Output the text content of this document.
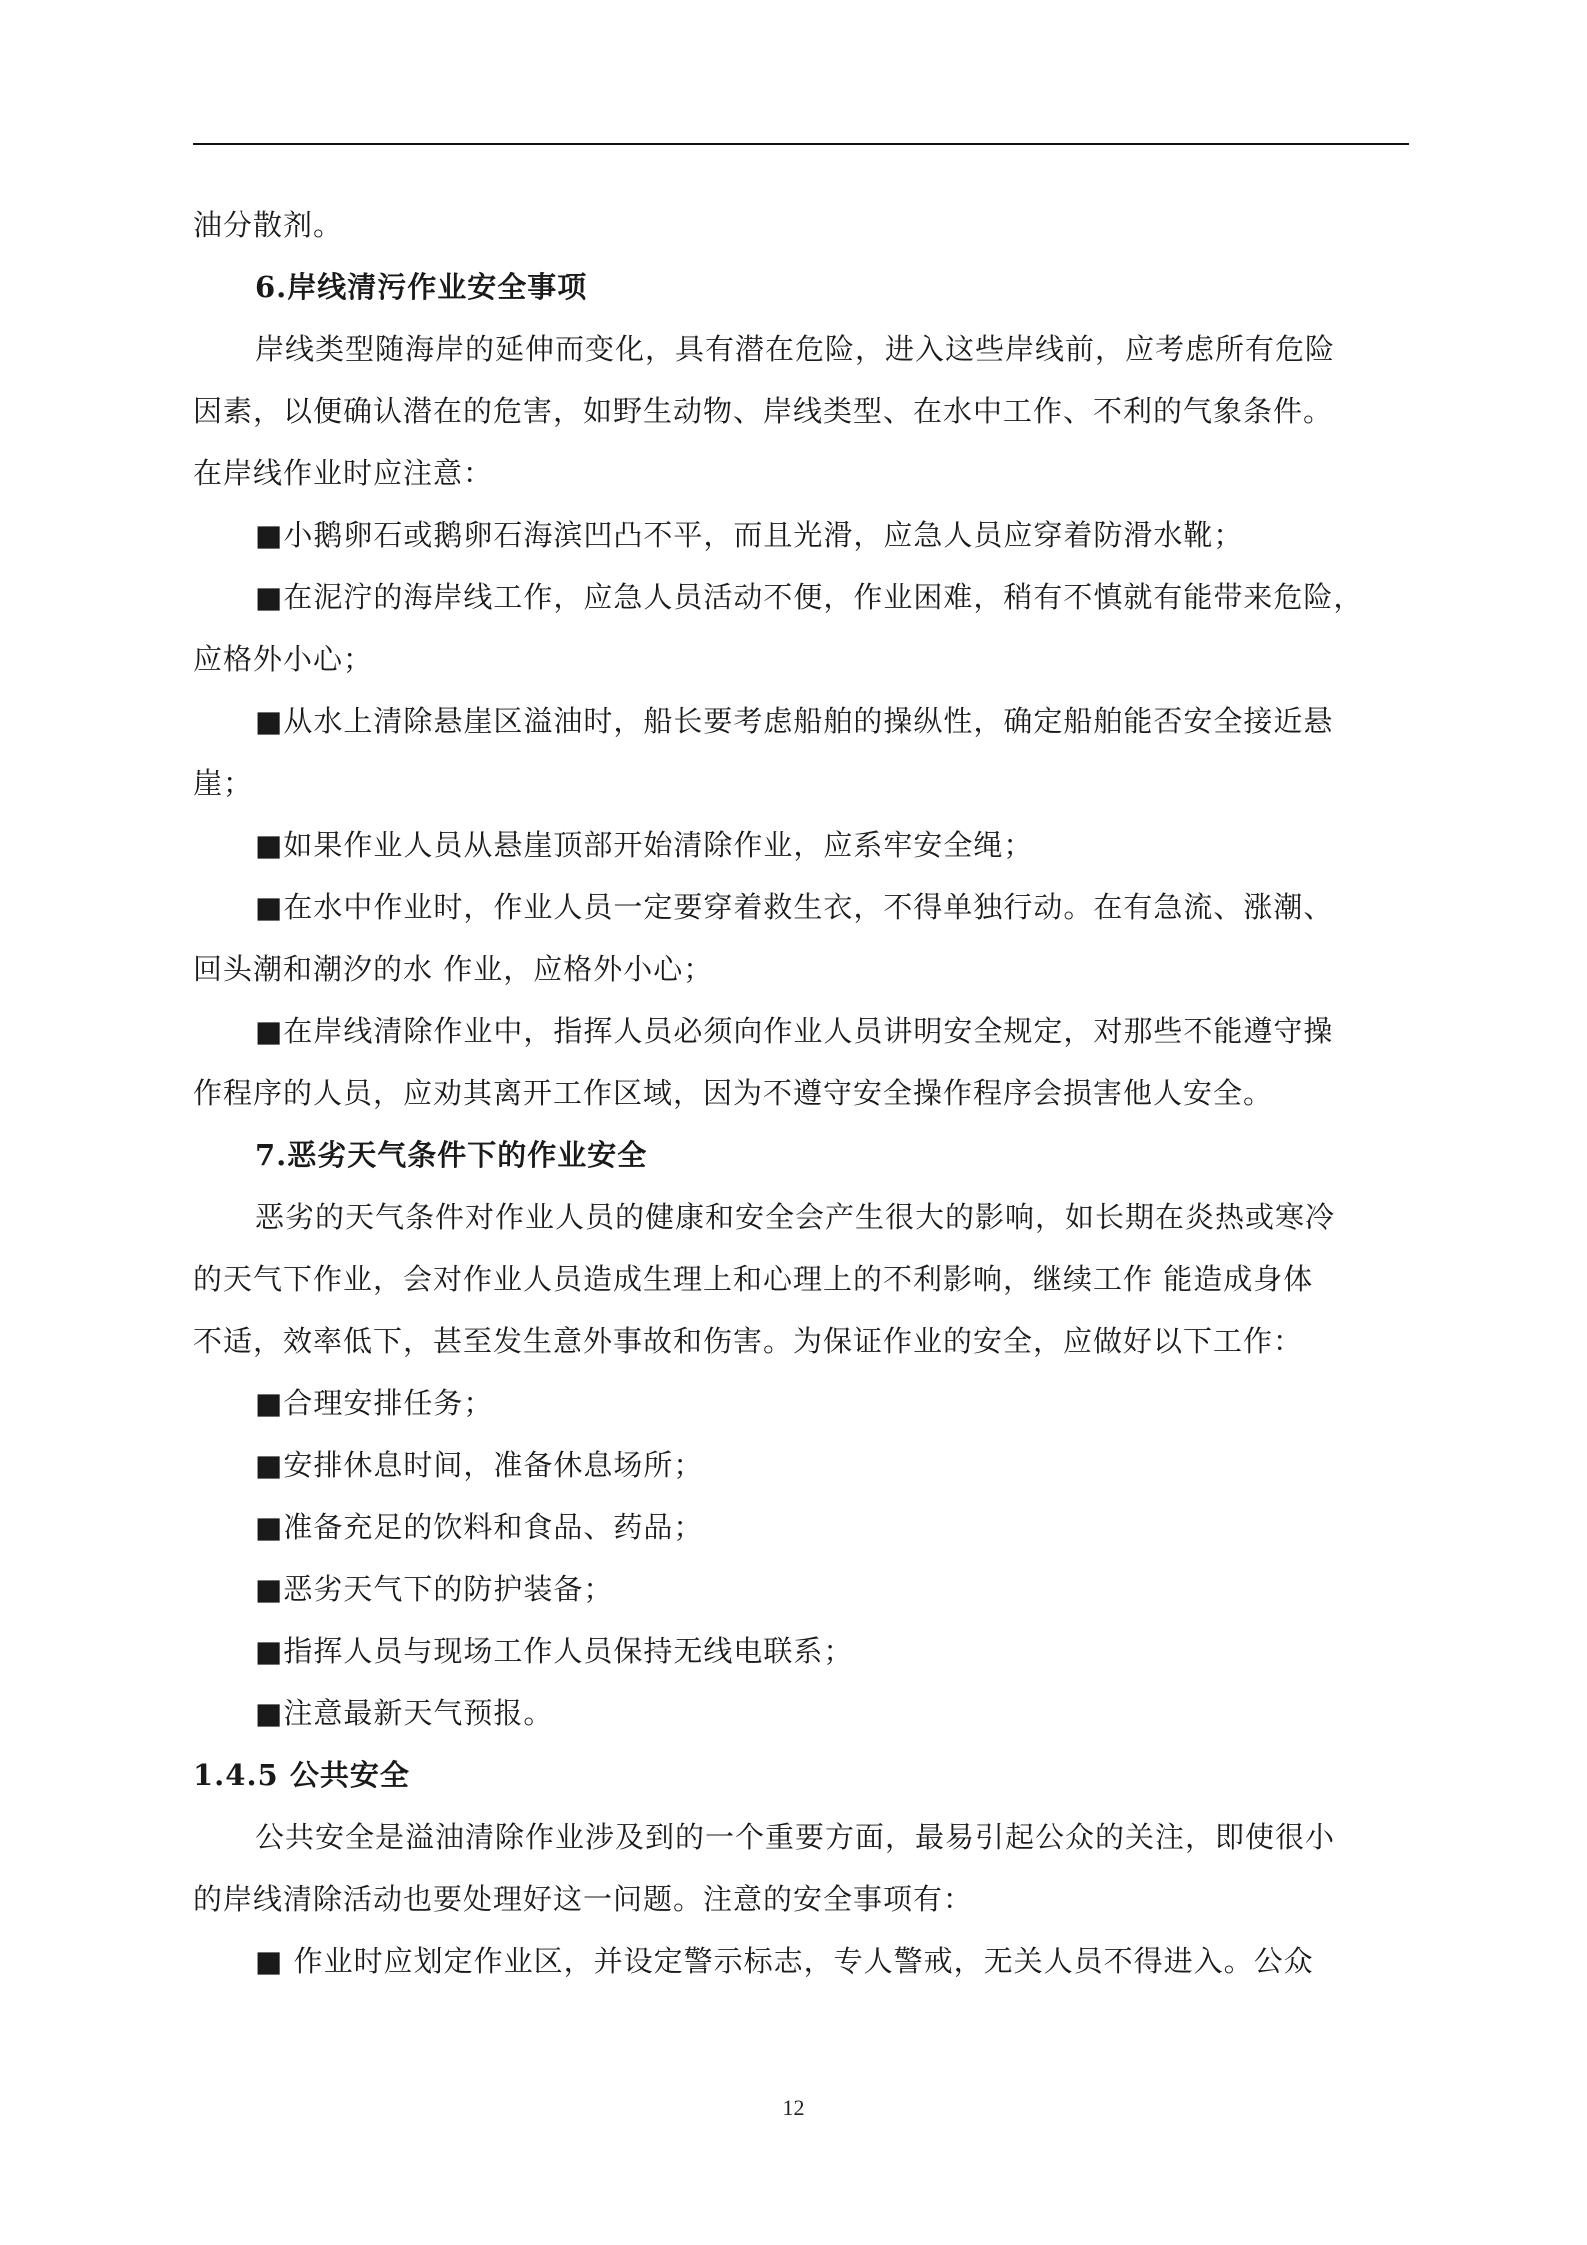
油分散剂。
6.岸线清污作业安全事项
岸线类型随海岸的延伸而变化，具有潜在危险，进入这些岸线前，应考虑所有危险
因素，以便确认潜在的危害，如野生动物、岸线类型、在水中工作、不利的气象条件。
在岸线作业时应注意：
■小鹅卵石或鹅卵石海滨凹凸不平，而且光滑，应急人员应穿着防滑水靴；
■在泥泞的海岸线工作，应急人员活动不便，作业困难，稍有不慎就有能带来危险，
应格外小心；
■从水上清除悬崖区溢油时，船长要考虑船舶的操纵性，确定船舶能否安全接近悬
崖；
■如果作业人员从悬崖顶部开始清除作业，应系牢安全绳；
■在水中作业时，作业人员一定要穿着救生衣，不得单独行动。在有急流、涨潮、
回头潮和潮汐的水 作业，应格外小心；
■在岸线清除作业中，指挥人员必须向作业人员讲明安全规定，对那些不能遵守操
作程序的人员，应劝其离开工作区域，因为不遵守安全操作程序会损害他人安全。
7.恶劣天气条件下的作业安全
恶劣的天气条件对作业人员的健康和安全会产生很大的影响，如长期在炎热或寒冷
的天气下作业，会对作业人员造成生理上和心理上的不利影响，继续工作 能造成身体
不适，效率低下，甚至发生意外事故和伤害。为保证作业的安全，应做好以下工作：
■合理安排任务；
■安排休息时间，准备休息场所；
■准备充足的饮料和食品、药品；
■恶劣天气下的防护装备；
■指挥人员与现场工作人员保持无线电联系；
■注意最新天气预报。
1.4.5 公共安全
公共安全是溢油清除作业涉及到的一个重要方面，最易引起公众的关注，即使很小
的岸线清除活动也要处理好这一问题。注意的安全事项有：
■ 作业时应划定作业区，并设定警示标志，专人警戒，无关人员不得进入。公众
12
